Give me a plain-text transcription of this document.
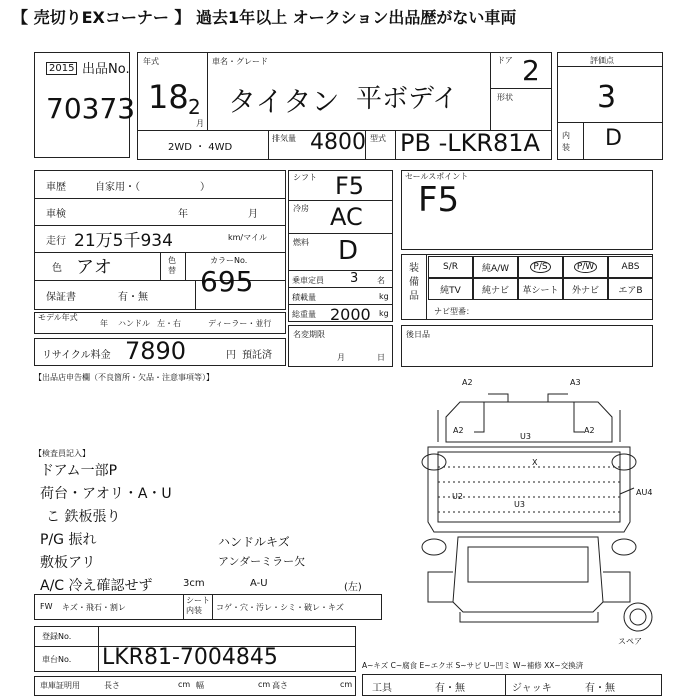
【 売切りEXコーナー 】 過去1年以上 オークション出品歴がない車両
2015 出品No.
70373
年式
18 2
月
車名・グレード
タイタン 平ボデイ
ドア 2
形状
2WD ・ 4WD
排気量 4800 型式 PB -LKR81A
評価点
3
内装 D
車歴	自家用・（　　　　　　）
車検	年	月
走行 21万5千934	km/マイル
色 アオ	色替
カラーNo.
695
保証書	有・無
モデル年式
年 ハンドル 左・右	ディーラー・並行
リサイクル料金 7890	円 預託済
シフト F5
冷房 AC
燃料 D
乗車定員 3 名
積載量	kg
総重量 2000 kg
セールスポイント
F5
装備品
S/R	純A/W	P/S	P/W	ABS
純TV 純ナビ 革シート 外ナビ エアB
ナビ型番：
名変期限
月	日
後日品
【出品店申告欄（不良箇所・欠品・注意事項等）】
【検査員記入】
ドアム一部P
荷台・アオリ・A・U
こ 鉄板張り
P/G 振れ
敷板アリ
A/C 冷え確認せず
ハンドルキズ
アンダーミラー欠
3cm	A-U	(左)
FW キズ・飛石・割レ
シート内装	コゲ・穴・汚レ・シミ・破レ・キズ
A2	A3
A2
U3
A2
U2
U3
AU4
X
スペア
登録No.
車台No. LKR81-7004845
車庫証明用	長さ	cm 幅	cm 高さ	cm
A~キズ C~腐食 E~エクボ S~サビ U~凹ミ W~補修 XX~交換済
工具	有・無	ジャッキ	有・無
